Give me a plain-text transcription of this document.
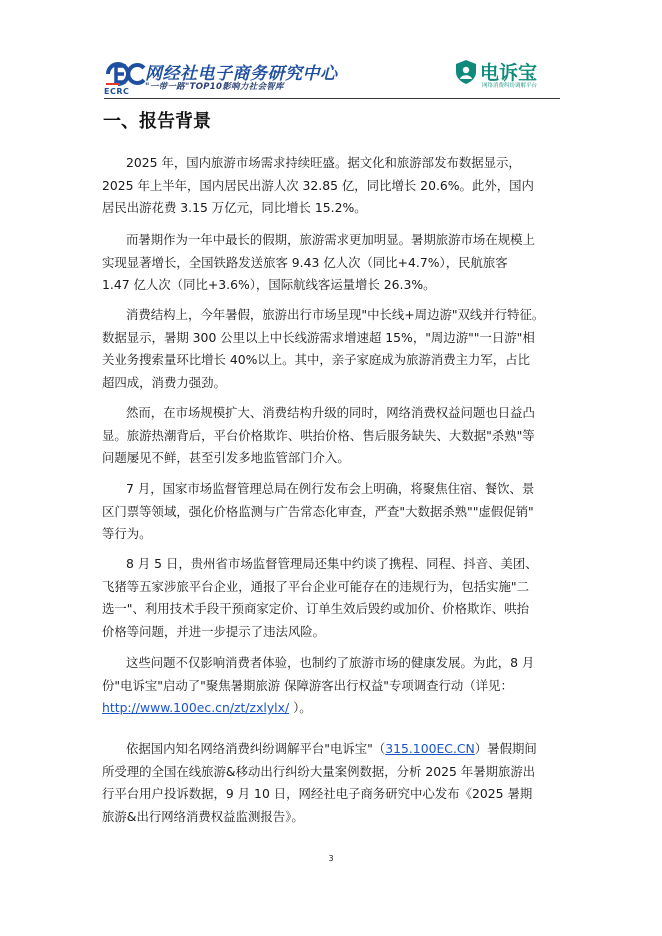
ECRC
网经社电子商务研究中心
"一带一路"TOP10影响力社会智库
电诉宝
网络消费纠纷调解平台
一、报告背景

2025 年，国内旅游市场需求持续旺盛。据文化和旅游部发布数据显示，
2025 年上半年，国内居民出游人次 32.85 亿，同比增长 20.6%。此外，国内
居民出游花费 3.15 万亿元，同比增长 15.2%。

而暑期作为一年中最长的假期，旅游需求更加明显。暑期旅游市场在规模上
实现显著增长，全国铁路发送旅客 9.43 亿人次（同比+4.7%），民航旅客
1.47 亿人次（同比+3.6%），国际航线客运量增长 26.3%。

消费结构上，今年暑假，旅游出行市场呈现"中长线+周边游"双线并行特征。
数据显示，暑期 300 公里以上中长线游需求增速超 15%，"周边游""一日游"相
关业务搜索量环比增长 40%以上。其中，亲子家庭成为旅游消费主力军，占比
超四成，消费力强劲。

然而，在市场规模扩大、消费结构升级的同时，网络消费权益问题也日益凸
显。旅游热潮背后，平台价格欺诈、哄抬价格、售后服务缺失、大数据"杀熟"等
问题屡见不鲜，甚至引发多地监管部门介入。

7 月，国家市场监督管理总局在例行发布会上明确，将聚焦住宿、餐饮、景
区门票等领域，强化价格监测与广告常态化审查，严查"大数据杀熟""虚假促销"
等行为。

8 月 5 日，贵州省市场监督管理局还集中约谈了携程、同程、抖音、美团、
飞猪等五家涉旅平台企业，通报了平台企业可能存在的违规行为，包括实施"二
选一"、利用技术手段干预商家定价、订单生效后毁约或加价、价格欺诈、哄抬
价格等问题，并进一步提示了违法风险。

这些问题不仅影响消费者体验，也制约了旅游市场的健康发展。为此，8 月
份"电诉宝"启动了"聚焦暑期旅游 保障游客出行权益"专项调查行动（详见：
http://www.100ec.cn/zt/zxlylx/ ）。

依据国内知名网络消费纠纷调解平台"电诉宝"（315.100EC.CN）暑假期间
所受理的全国在线旅游&移动出行纠纷大量案例数据，分析 2025 年暑期旅游出
行平台用户投诉数据，9 月 10 日，网经社电子商务研究中心发布《2025 暑期
旅游&出行网络消费权益监测报告》。

3
